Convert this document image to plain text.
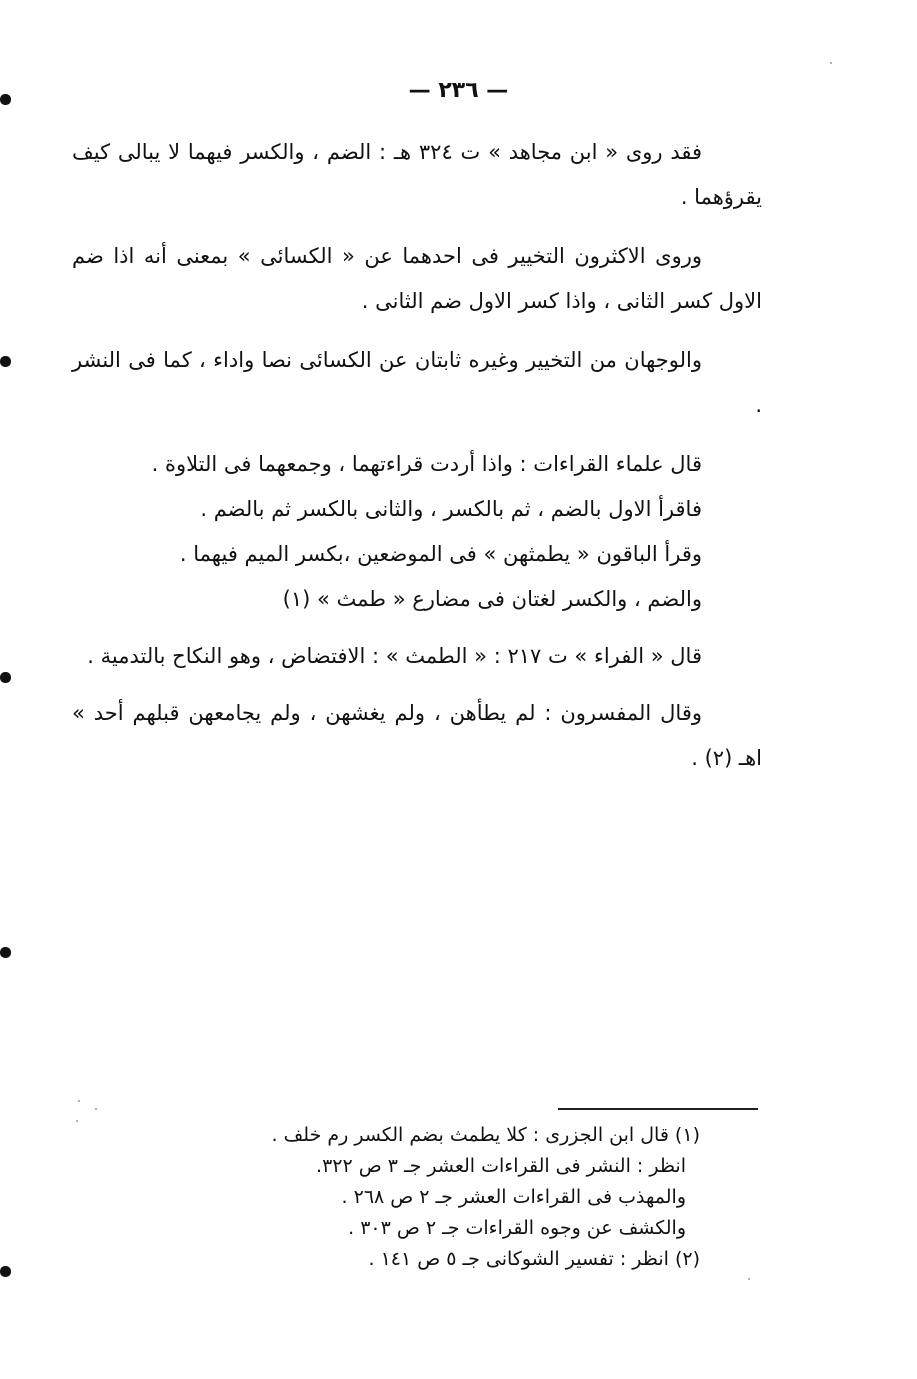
— ٢٣٦ —

فقد روى « ابن مجاهد » ت ٣٢٤ هـ : الضم ، والكسر فيهما لا يبالى كيف يقرؤهما .

وروى الاكثرون التخيير فى احدهما عن « الكسائى » بمعنى أنه اذا ضم الاول كسر الثانى ، واذا كسر الاول ضم الثانى .

والوجهان من التخيير وغيره ثابتان عن الكسائى نصا واداء ، كما فى النشر .

قال علماء القراءات : واذا أردت قراءتهما ، وجمعهما فى التلاوة .

فاقرأ الاول بالضم ، ثم بالكسر ، والثانى بالكسر ثم بالضم .

وقرأ الباقون « يطمثهن » فى الموضعين ،بكسر الميم فيهما .

والضم ، والكسر لغتان فى مضارع « طمث » (١)

قال « الفراء » ت ٢١٧ : « الطمث » : الافتضاض ، وهو النكاح بالتدمية .

وقال المفسرون : لم يطأهن ، ولم يغشهن ، ولم يجامعهن قبلهم أحد » اهـ (٢) .

(١) قال ابن الجزرى : كلا يطمث بضم الكسر رم خلف .
انظر : النشر فى القراءات العشر جـ ٣ ص ٣٢٢.
والمهذب فى القراءات العشر جـ ٢ ص ٢٦٨ .
والكشف عن وجوه القراءات جـ ٢ ص ٣٠٣ .
(٢) انظر : تفسير الشوكانى جـ ٥ ص ١٤١ .
